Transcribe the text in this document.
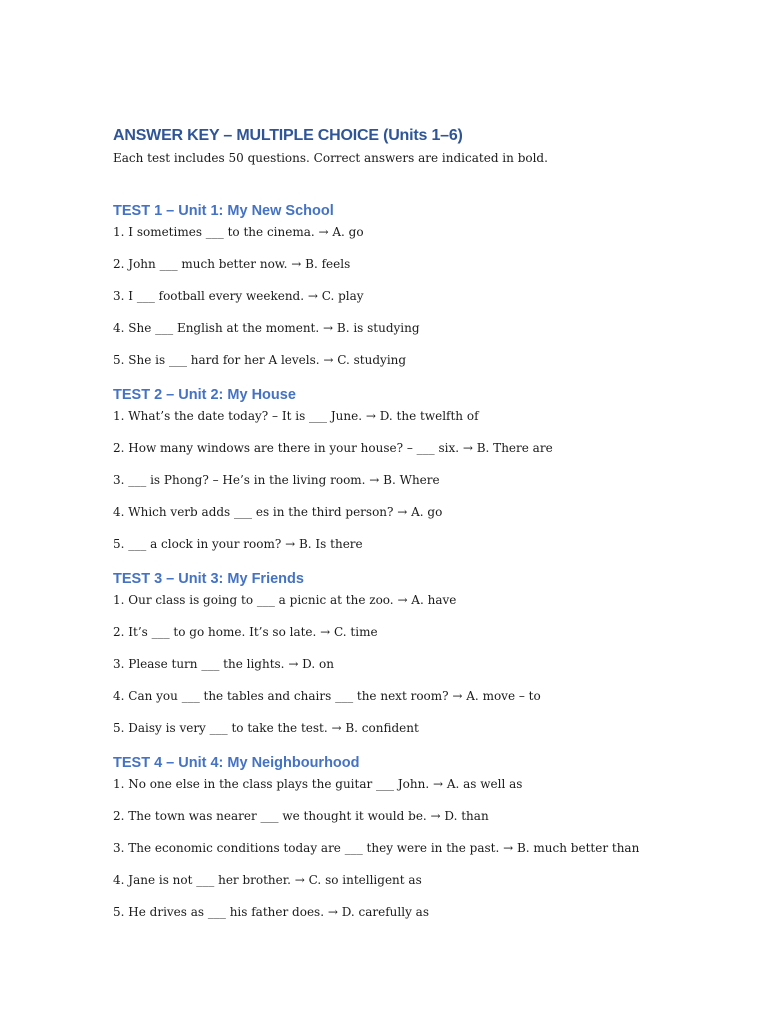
ANSWER KEY – MULTIPLE CHOICE (Units 1–6)

Each test includes 50 questions. Correct answers are indicated in bold.

TEST 1 – Unit 1: My New School

1. I sometimes ___ to the cinema. → A. go

2. John ___ much better now. → B. feels

3. I ___ football every weekend. → C. play

4. She ___ English at the moment. → B. is studying

5. She is ___ hard for her A levels. → C. studying

TEST 2 – Unit 2: My House

1. What’s the date today? – It is ___ June. → D. the twelfth of

2. How many windows are there in your house? – ___ six. → B. There are

3. ___ is Phong? – He’s in the living room. → B. Where

4. Which verb adds ___ es in the third person? → A. go

5. ___ a clock in your room? → B. Is there

TEST 3 – Unit 3: My Friends

1. Our class is going to ___ a picnic at the zoo. → A. have

2. It’s ___ to go home. It’s so late. → C. time

3. Please turn ___ the lights. → D. on

4. Can you ___ the tables and chairs ___ the next room? → A. move – to

5. Daisy is very ___ to take the test. → B. confident

TEST 4 – Unit 4: My Neighbourhood

1. No one else in the class plays the guitar ___ John. → A. as well as

2. The town was nearer ___ we thought it would be. → D. than

3. The economic conditions today are ___ they were in the past. → B. much better than

4. Jane is not ___ her brother. → C. so intelligent as

5. He drives as ___ his father does. → D. carefully as
